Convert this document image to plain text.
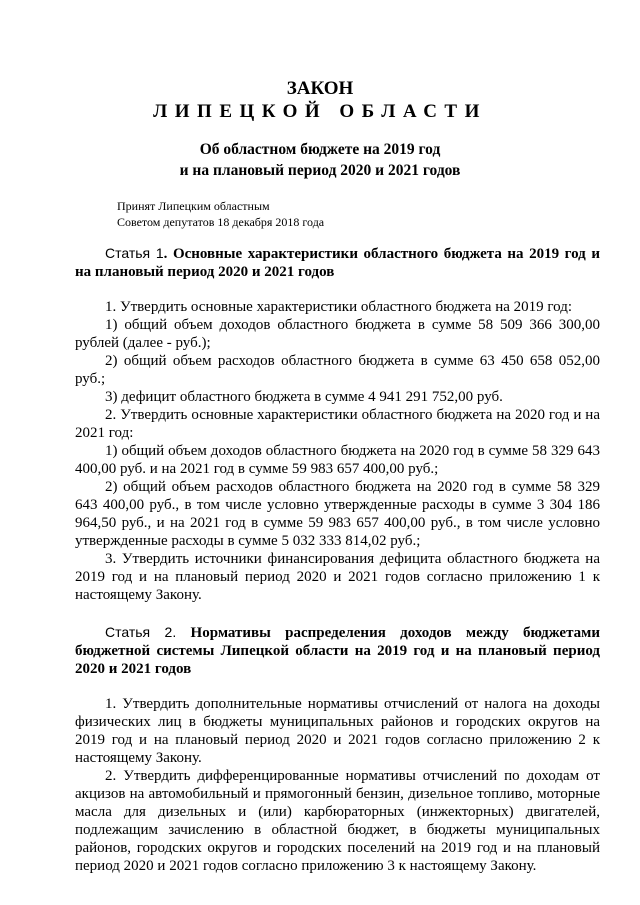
ЗАКОН
ЛИПЕЦКОЙ ОБЛАСТИ
Об областном бюджете на 2019 год
и на плановый период 2020 и 2021 годов
Принят Липецким областным
Советом депутатов 18 декабря 2018 года

Статья 1. Основные характеристики областного бюджета на 2019 год и на плановый период 2020 и 2021 годов

1. Утвердить основные характеристики областного бюджета на 2019 год:

1) общий объем доходов областного бюджета в сумме 58 509 366 300,00 рублей (далее - руб.);

2) общий объем расходов областного бюджета в сумме 63 450 658 052,00 руб.;

3) дефицит областного бюджета в сумме 4 941 291 752,00 руб.

2. Утвердить основные характеристики областного бюджета на 2020 год и на 2021 год:

1) общий объем доходов областного бюджета на 2020 год в сумме 58 329 643 400,00 руб. и на 2021 год в сумме 59 983 657 400,00 руб.;

2) общий объем расходов областного бюджета на 2020 год в сумме 58 329 643 400,00 руб., в том числе условно утвержденные расходы в сумме 3 304 186 964,50 руб., и на 2021 год в сумме 59 983 657 400,00 руб., в том числе условно утвержденные расходы в сумме 5 032 333 814,02 руб.;

3. Утвердить источники финансирования дефицита областного бюджета на 2019 год и на плановый период 2020 и 2021 годов согласно приложению 1 к настоящему Закону.

Статья 2. Нормативы распределения доходов между бюджетами бюджетной системы Липецкой области на 2019 год и на плановый период 2020 и 2021 годов

1. Утвердить дополнительные нормативы отчислений от налога на доходы физических лиц в бюджеты муниципальных районов и городских округов на 2019 год и на плановый период 2020 и 2021 годов согласно приложению 2 к настоящему Закону.

2. Утвердить дифференцированные нормативы отчислений по доходам от акцизов на автомобильный и прямогонный бензин, дизельное топливо, моторные масла для дизельных и (или) карбюраторных (инжекторных) двигателей, подлежащим зачислению в областной бюджет, в бюджеты муниципальных районов, городских округов и городских поселений на 2019 год и на плановый период 2020 и 2021 годов согласно приложению 3 к настоящему Закону.
